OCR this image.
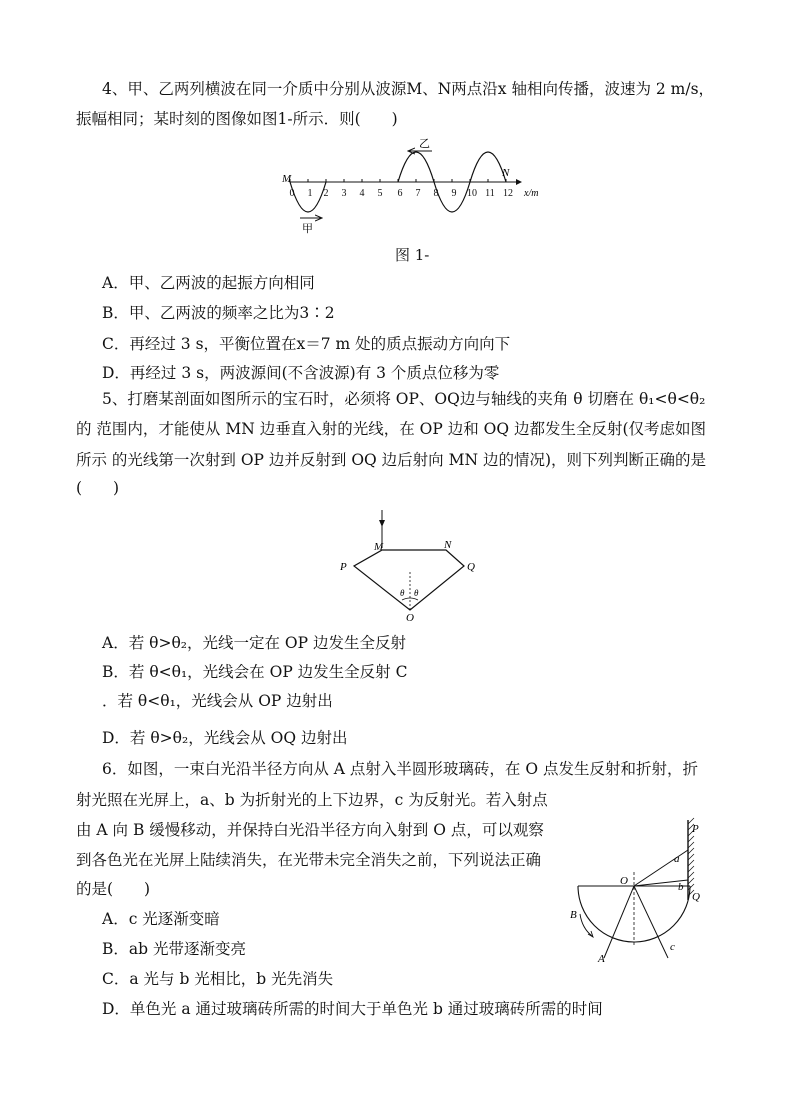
4、甲、乙两列横波在同一介质中分别从波源M、N两点沿x 轴相向传播，波速为 2 m/s，
振幅相同；某时刻的图像如图1-所示．则(　　)
0 1 2 3 4 5 6 7 8 9 10 11 12
M	N
x/m
乙
甲
图 1-
A．甲、乙两波的起振方向相同
B．甲、乙两波的频率之比为3∶2
C．再经过 3 s，平衡位置在x＝7 m 处的质点振动方向向下
D．再经过 3 s，两波源间(不含波源)有 3 个质点位移为零
5、打磨某剖面如图所示的宝石时，必须将 OP、OQ边与轴线的夹角 θ 切磨在 θ₁<θ<θ₂
的 范围内，才能使从 MN 边垂直入射的光线，在 OP 边和 OQ 边都发生全反射(仅考虑如图
所示 的光线第一次射到 OP 边并反射到 OQ 边后射向 MN 边的情况)，则下列判断正确的是
(　　)
M	N
P	Q
O
θ θ
A．若 θ>θ₂，光线一定在 OP 边发生全反射
B．若 θ<θ₁，光线会在 OP 边发生全反射 C
．若 θ<θ₁，光线会从 OP 边射出
D．若 θ>θ₂，光线会从 OQ 边射出
6．如图，一束白光沿半径方向从 A 点射入半圆形玻璃砖，在 O 点发生反射和折射，折
射光照在光屏上，a、b 为折射光的上下边界，c 为反射光。若入射点
由 A 向 B 缓慢移动，并保持白光沿半径方向入射到 O 点，可以观察
到各色光在光屏上陆续消失，在光带未完全消失之前，下列说法正确
的是(　　)
P
Q
O
a
b
c
A
B
A．c 光逐渐变暗
B．ab 光带逐渐变亮
C．a 光与 b 光相比，b 光先消失
D．单色光 a 通过玻璃砖所需的时间大于单色光 b 通过玻璃砖所需的时间
